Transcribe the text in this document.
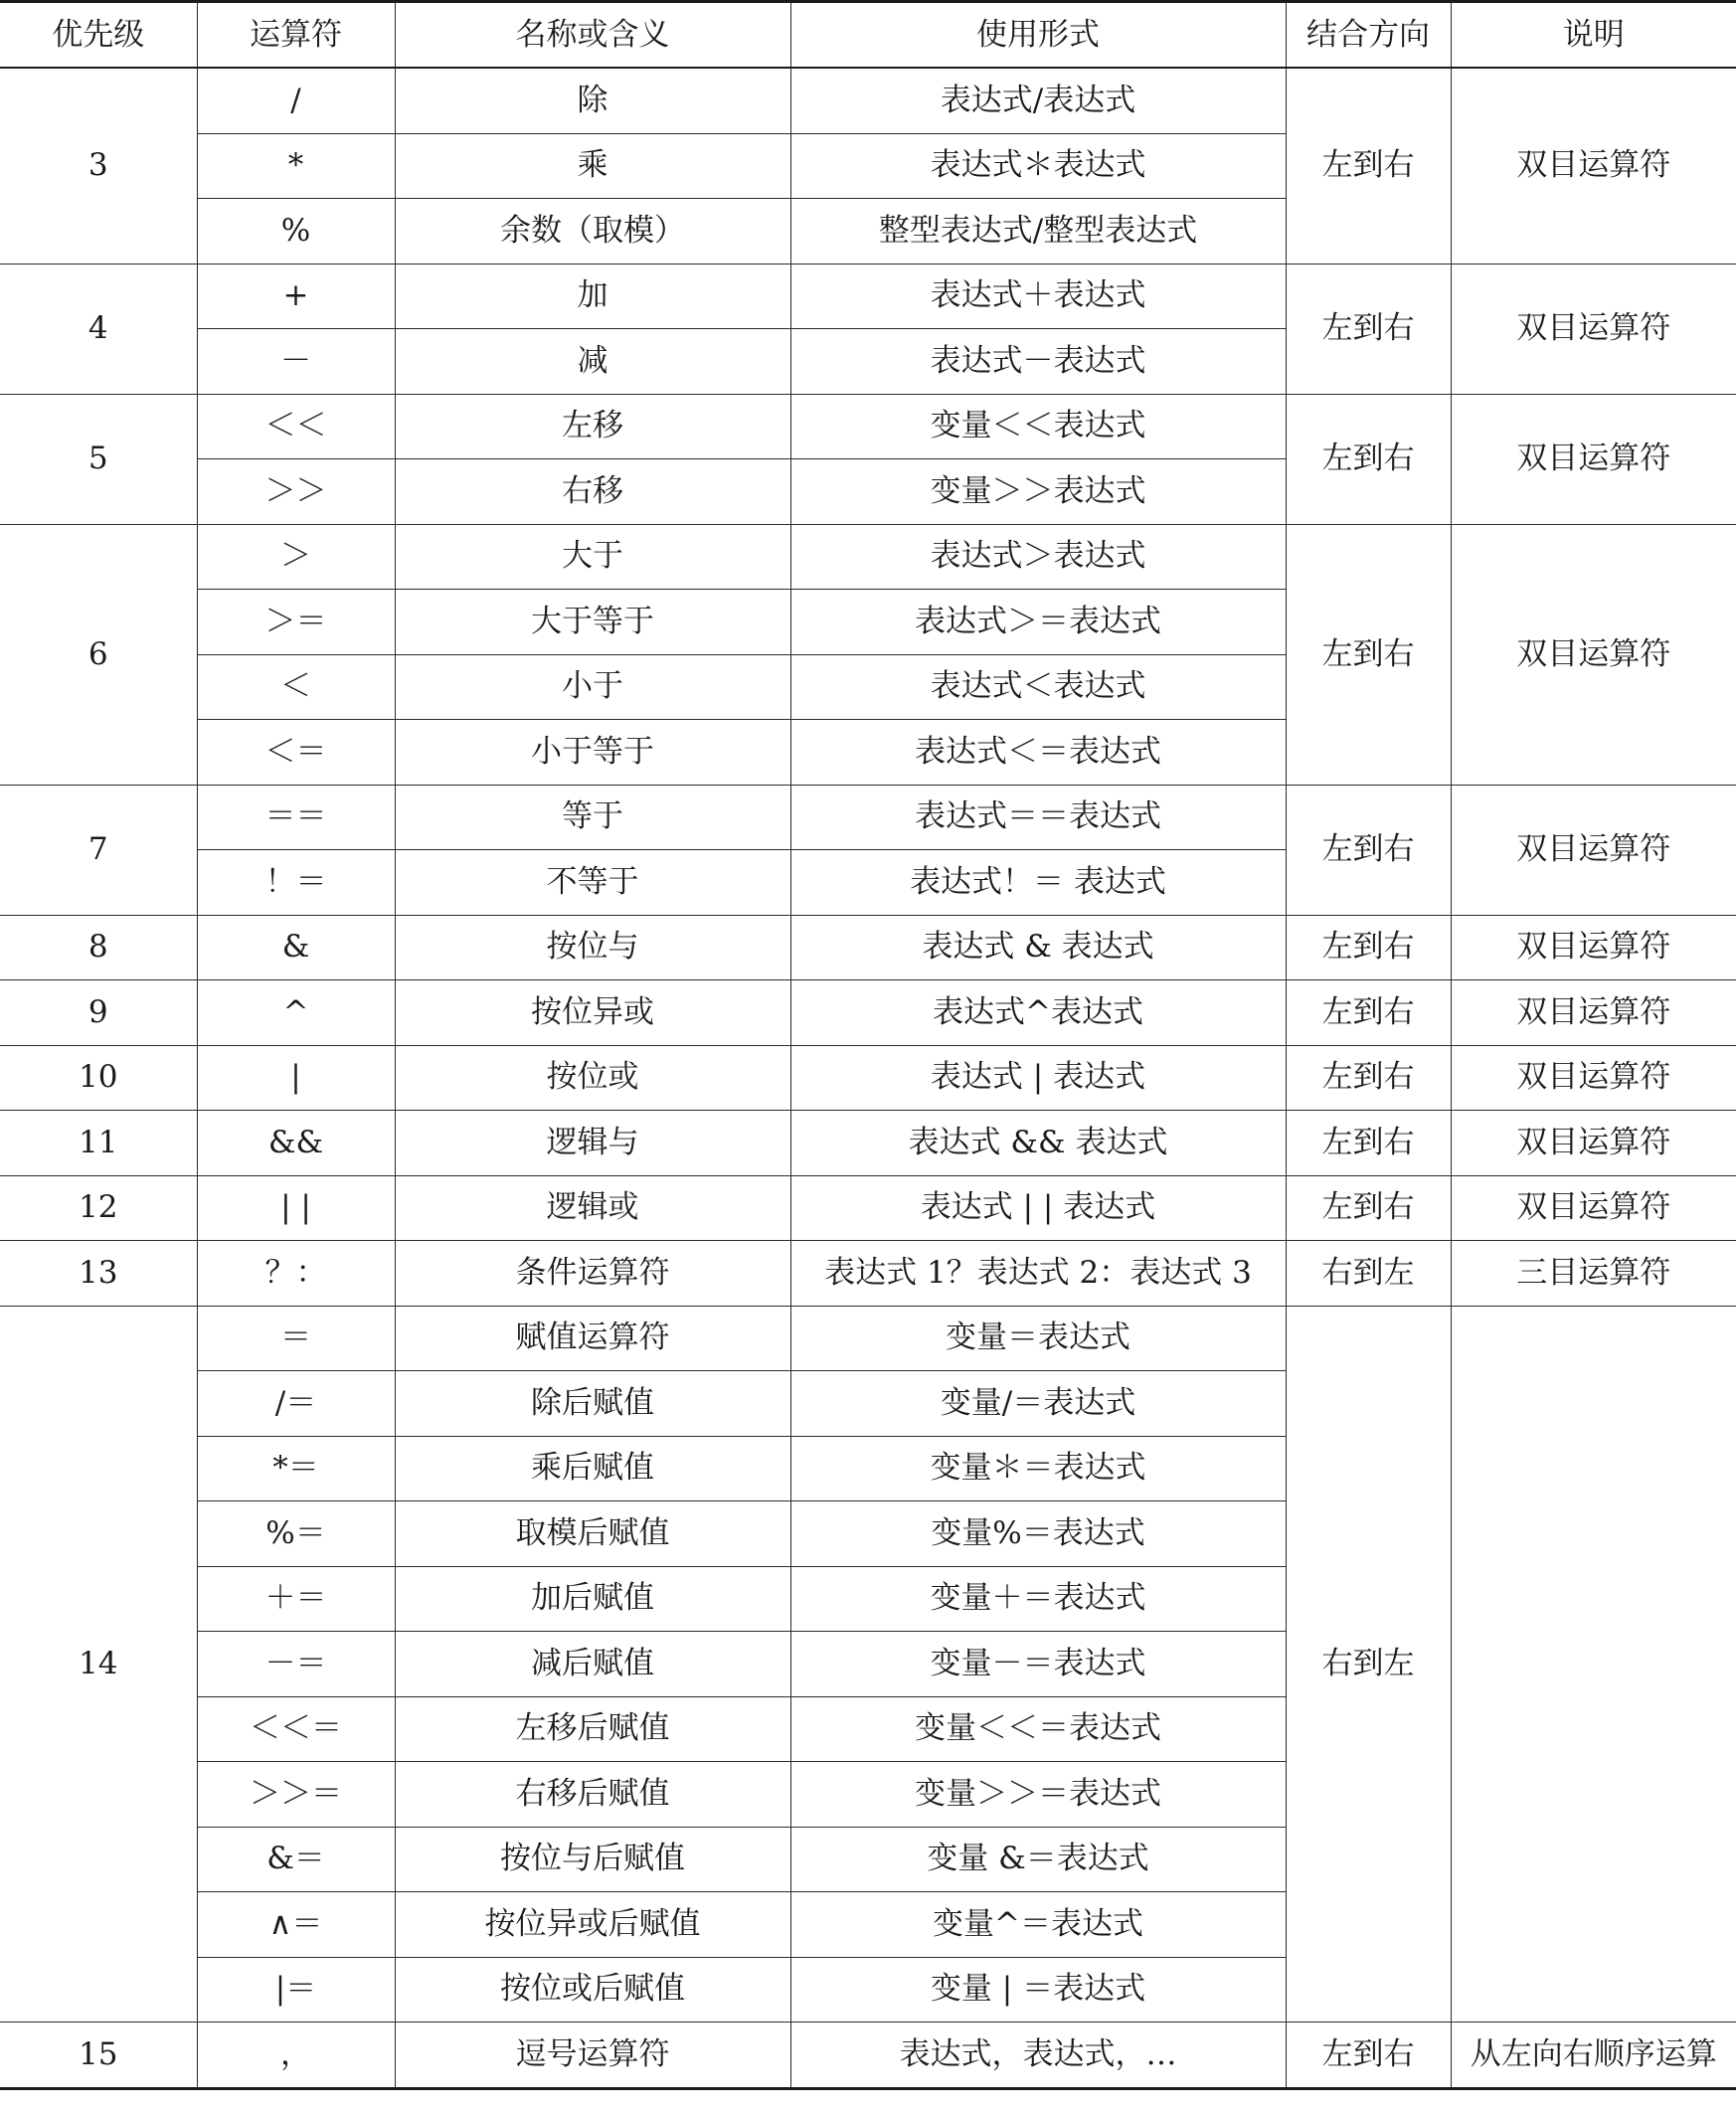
优先级	运算符	名称或含义	使用形式	结合方向	说明
3	/	除	表达式/表达式	左到右	双目运算符
	*	乘	表达式＊表达式		
	%	余数（取模）	整型表达式/整型表达式		
4	+	加	表达式＋表达式	左到右	双目运算符
	－	减	表达式－表达式		
5	＜＜	左移	变量＜＜表达式	左到右	双目运算符
	＞＞	右移	变量＞＞表达式		
6	＞	大于	表达式＞表达式	左到右	双目运算符
	＞＝	大于等于	表达式＞＝表达式		
	＜	小于	表达式＜表达式		
	＜＝	小于等于	表达式＜＝表达式		
7	＝＝	等于	表达式＝＝表达式	左到右	双目运算符
	！＝	不等于	表达式！＝ 表达式		
8	&	按位与	表达式 & 表达式	左到右	双目运算符
9	^	按位异或	表达式^表达式	左到右	双目运算符
10	|	按位或	表达式 | 表达式	左到右	双目运算符
11	&&	逻辑与	表达式 && 表达式	左到右	双目运算符
12	| |	逻辑或	表达式 | | 表达式	左到右	双目运算符
13	？：	条件运算符	表达式 1？表达式 2：表达式 3	右到左	三目运算符
14	＝	赋值运算符	变量＝表达式	右到左	
	/＝	除后赋值	变量/＝表达式		
	*＝	乘后赋值	变量＊＝表达式		
	%＝	取模后赋值	变量%＝表达式		
	＋＝	加后赋值	变量＋＝表达式		
	－＝	减后赋值	变量－＝表达式		
	＜＜＝	左移后赋值	变量＜＜＝表达式		
	＞＞＝	右移后赋值	变量＞＞＝表达式		
	&＝	按位与后赋值	变量 &＝表达式		
	∧＝	按位异或后赋值	变量^＝表达式		
	|＝	按位或后赋值	变量 | ＝表达式		
15	，	逗号运算符	表达式，表达式，…	左到右	从左向右顺序运算
